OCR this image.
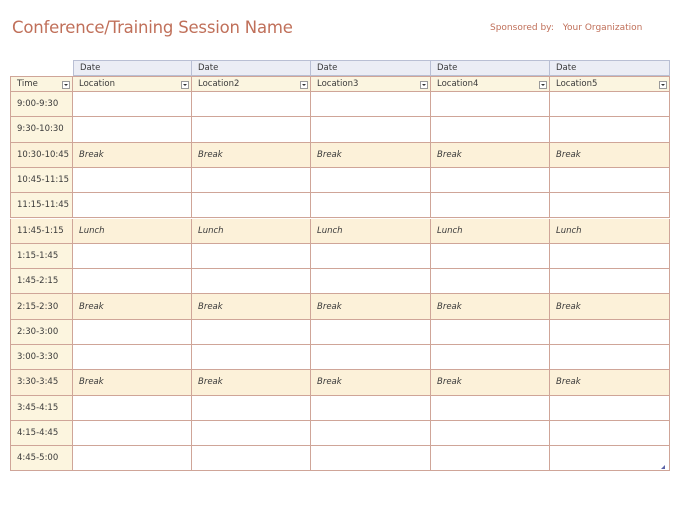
Conference/Training Session Name	Sponsored by: Your Organization
Date	Date	Date	Date	Date
Time	Location	Location2	Location3	Location4	Location5
9:00-9:30
9:30-10:30
10:30-10:45	Break	Break	Break	Break	Break
10:45-11:15
11:15-11:45
11:45-1:15	Lunch	Lunch	Lunch	Lunch	Lunch
1:15-1:45
1:45-2:15
2:15-2:30	Break	Break	Break	Break	Break
2:30-3:00
3:00-3:30
3:30-3:45	Break	Break	Break	Break	Break
3:45-4:15
4:15-4:45
4:45-5:00
